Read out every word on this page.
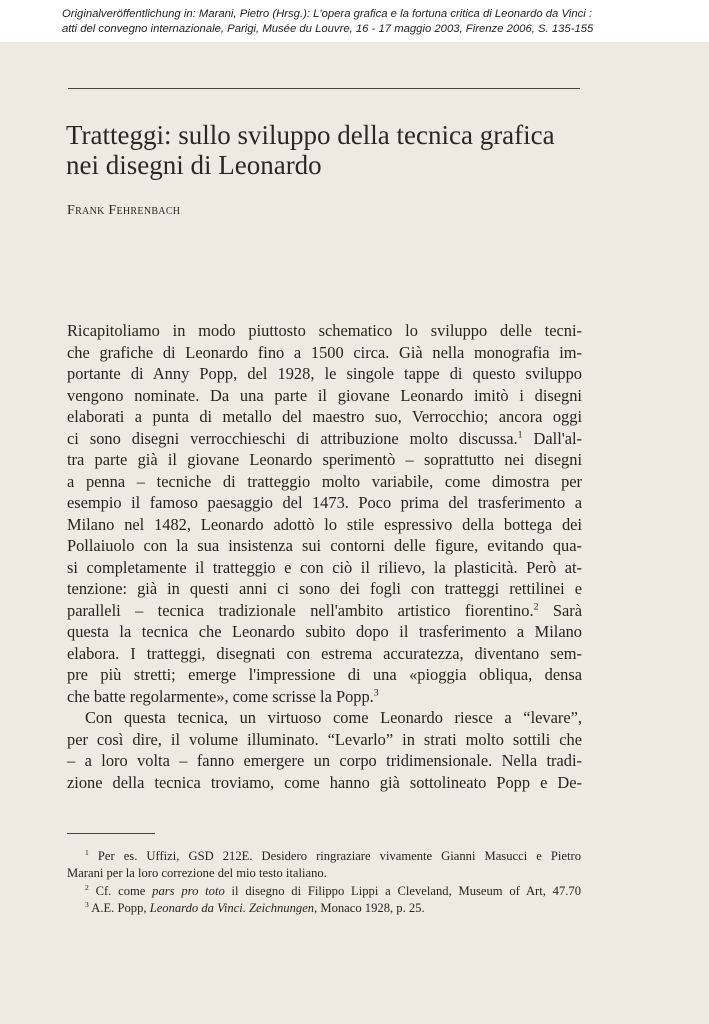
Originalveröffentlichung in: Marani, Pietro (Hrsg.): L'opera grafica e la fortuna critica di Leonardo da Vinci :
atti del convegno internazionale, Parigi, Musée du Louvre, 16 - 17 maggio 2003, Firenze 2006, S. 135-155
Tratteggi: sullo sviluppo della tecnica grafica
nei disegni di Leonardo
Frank Fehrenbach
Ricapitoliamo in modo piuttosto schematico lo sviluppo delle tecni-
che grafiche di Leonardo fino a 1500 circa. Già nella monografia im-
portante di Anny Popp, del 1928, le singole tappe di questo sviluppo
vengono nominate. Da una parte il giovane Leonardo imitò i disegni
elaborati a punta di metallo del maestro suo, Verrocchio; ancora oggi
ci sono disegni verrocchieschi di attribuzione molto discussa.$^1$ Dall'al-
tra parte già il giovane Leonardo sperimentò – soprattutto nei disegni
a penna – tecniche di tratteggio molto variabile, come dimostra per
esempio il famoso paesaggio del 1473. Poco prima del trasferimento a
Milano nel 1482, Leonardo adottò lo stile espressivo della bottega dei
Pollaiuolo con la sua insistenza sui contorni delle figure, evitando qua-
si completamente il tratteggio e con ciò il rilievo, la plasticità. Però at-
tenzione: già in questi anni ci sono dei fogli con tratteggi rettilinei e
paralleli – tecnica tradizionale nell'ambito artistico fiorentino.$^2$ Sarà
questa la tecnica che Leonardo subito dopo il trasferimento a Milano
elabora. I tratteggi, disegnati con estrema accuratezza, diventano sem-
pre più stretti; emerge l'impressione di una «pioggia obliqua, densa
che batte regolarmente», come scrisse la Popp.$^3$
Con questa tecnica, un virtuoso come Leonardo riesce a “levare”,
per così dire, il volume illuminato. “Levarlo” in strati molto sottili che
– a loro volta – fanno emergere un corpo tridimensionale. Nella tradi-
zione della tecnica troviamo, come hanno già sottolineato Popp e De-
$^1$ Per es. Uffizi, GSD 212E. Desidero ringraziare vivamente Gianni Masucci e Pietro
Marani per la loro correzione del mio testo italiano.
$^2$ Cf. come pars pro toto il disegno di Filippo Lippi a Cleveland, Museum of Art, 47.70
$^3$ A.E. Popp, Leonardo da Vinci. Zeichnungen, Monaco 1928, p. 25.
